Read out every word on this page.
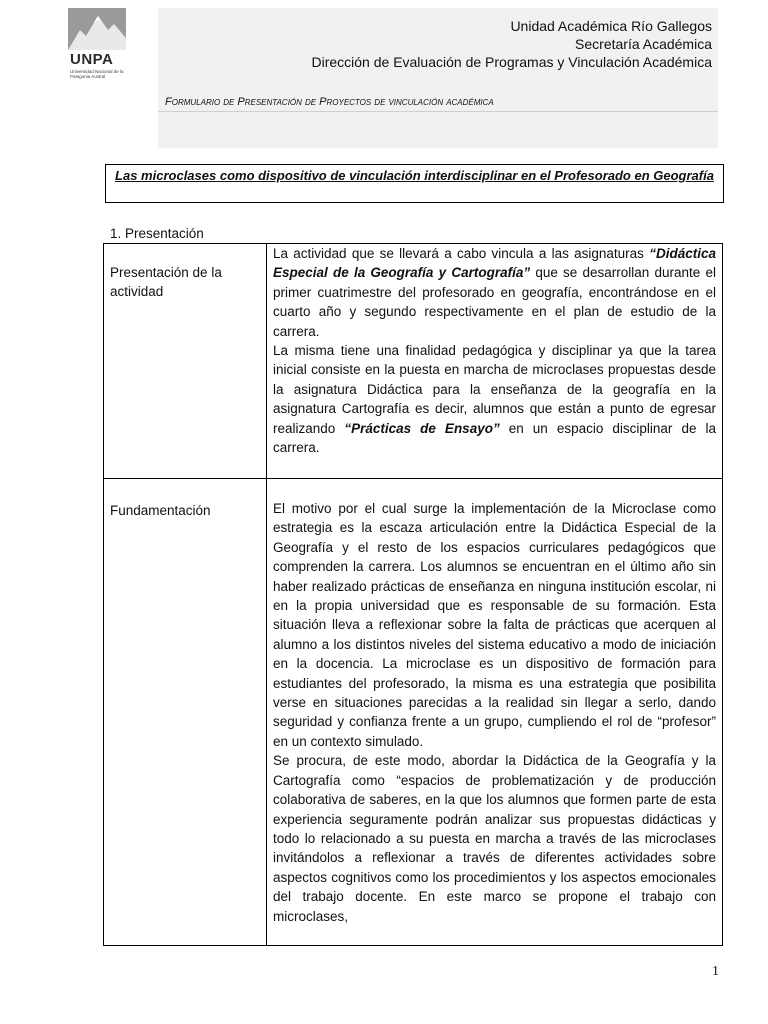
UNPA
Universidad Nacional de la Patagonia Austral
Unidad Académica Río Gallegos
Secretaría Académica
Dirección de Evaluación de Programas y Vinculación Académica
Formulario de Presentación de Proyectos de vinculación académica
Las microclases como dispositivo de vinculación interdisciplinar en el Profesorado en Geografía
1. Presentación
Presentación de la actividad	La actividad que se llevará a cabo vincula a las asignaturas “Didáctica Especial de la Geografía y Cartografía” que se desarrollan durante el primer cuatrimestre del profesorado en geografía, encontrándose en el cuarto año y segundo respectivamente en el plan de estudio de la carrera.

La misma tiene una finalidad pedagógica y disciplinar ya que la tarea inicial consiste en la puesta en marcha de microclases propuestas desde la asignatura Didáctica para la enseñanza de la geografía en la asignatura Cartografía es decir, alumnos que están a punto de egresar realizando “Prácticas de Ensayo” en un espacio disciplinar de la carrera.

Fundamentación	El motivo por el cual surge la implementación de la Microclase como estrategia es la escaza articulación entre la Didáctica Especial de la Geografía y el resto de los espacios curriculares pedagógicos que comprenden la carrera. Los alumnos se encuentran en el último año sin haber realizado prácticas de enseñanza en ninguna institución escolar, ni en la propia universidad que es responsable de su formación. Esta situación lleva a reflexionar sobre la falta de prácticas que acerquen al alumno a los distintos niveles del sistema educativo a modo de iniciación en la docencia. La microclase es un dispositivo de formación para estudiantes del profesorado, la misma es una estrategia que posibilita verse en situaciones parecidas a la realidad sin llegar a serlo, dando seguridad y confianza frente a un grupo, cumpliendo el rol de “profesor” en un contexto simulado.

Se procura, de este modo, abordar la Didáctica de la Geografía y la Cartografía como “espacios de problematización y de producción colaborativa de saberes, en la que los alumnos que formen parte de esta experiencia seguramente podrán analizar sus propuestas didácticas y todo lo relacionado a su puesta en marcha a través de las microclases invitándolos a reflexionar a través de diferentes actividades sobre aspectos cognitivos como los procedimientos y los aspectos emocionales del trabajo docente. En este marco se propone el trabajo con microclases,

1
